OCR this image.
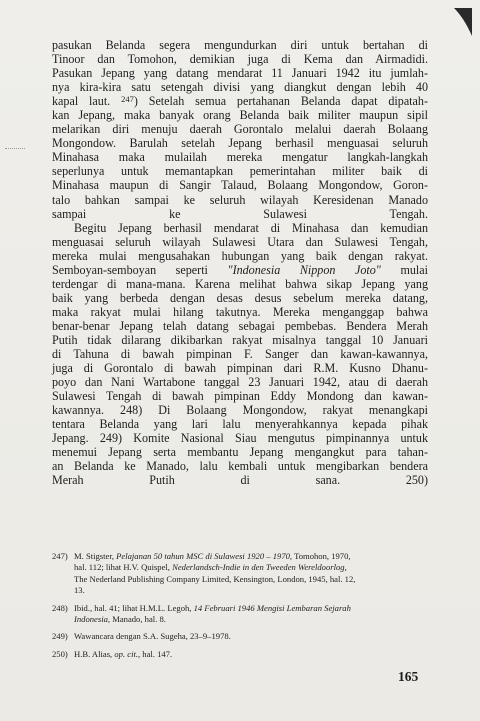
pasukan Belanda segera mengundurkan diri untuk bertahan di
Tinoor dan Tomohon, demikian juga di Kema dan Airmadidi.
Pasukan Jepang yang datang mendarat 11 Januari 1942 itu jumlah-
nya kira-kira satu setengah divisi yang diangkut dengan lebih 40
kapal laut. $^{247}$) Setelah semua pertahanan Belanda dapat dipatah-
kan Jepang, maka banyak orang Belanda baik militer maupun sipil
melarikan diri menuju daerah Gorontalo melalui daerah Bolaang
Mongondow. Barulah setelah Jepang berhasil menguasai seluruh
Minahasa maka mulailah mereka mengatur langkah-langkah
seperlunya untuk memantapkan pemerintahan militer baik di
Minahasa maupun di Sangir Talaud, Bolaang Mongondow, Goron-
talo bahkan sampai ke seluruh wilayah Keresidenan Manado
sampai ke Sulawesi Tengah.
Begitu Jepang berhasil mendarat di Minahasa dan kemudian
menguasai seluruh wilayah Sulawesi Utara dan Sulawesi Tengah,
mereka mulai mengusahakan hubungan yang baik dengan rakyat.
Semboyan-semboyan seperti "Indonesia Nippon Joto" mulai
terdengar di mana-mana. Karena melihat bahwa sikap Jepang yang
baik yang berbeda dengan desas desus sebelum mereka datang,
maka rakyat mulai hilang takutnya. Mereka menganggap bahwa
benar-benar Jepang telah datang sebagai pembebas. Bendera Merah
Putih tidak dilarang dikibarkan rakyat misalnya tanggal 10 Januari
di Tahuna di bawah pimpinan F. Sanger dan kawan-kawannya,
juga di Gorontalo di bawah pimpinan dari R.M. Kusno Dhanu-
poyo dan Nani Wartabone tanggal 23 Januari 1942, atau di daerah
Sulawesi Tengah di bawah pimpinan Eddy Mondong dan kawan-
kawannya. 248) Di Bolaang Mongondow, rakyat menangkapi
tentara Belanda yang lari lalu menyerahkannya kepada pihak
Jepang. 249) Komite Nasional Siau mengutus pimpinannya untuk
menemui Jepang serta membantu Jepang mengangkut para tahan-
an Belanda ke Manado, lalu kembali untuk mengibarkan bendera
Merah Putih di sana. 250)
247) M. Stigster, Pelajanan 50 tahun MSC di Sulawesi 1920 – 1970, Tomohon, 1970,
hal. 112; lihat H.V. Quispel, Nederlandsch-Indie in den Tweeden Wereldoorlog,
The Nederland Publishing Company Limited, Kensington, London, 1945, hal. 12,
13.
248) Ibid., hal. 41; lihat H.M.L. Legoh, 14 Februari 1946 Mengisi Lembaran Sejarah
Indonesia, Manado, hal. 8.
249) Wawancara dengan S.A. Sugeha, 23–9–1978.
250) H.B. Alias, op. cit., hal. 147.
165
